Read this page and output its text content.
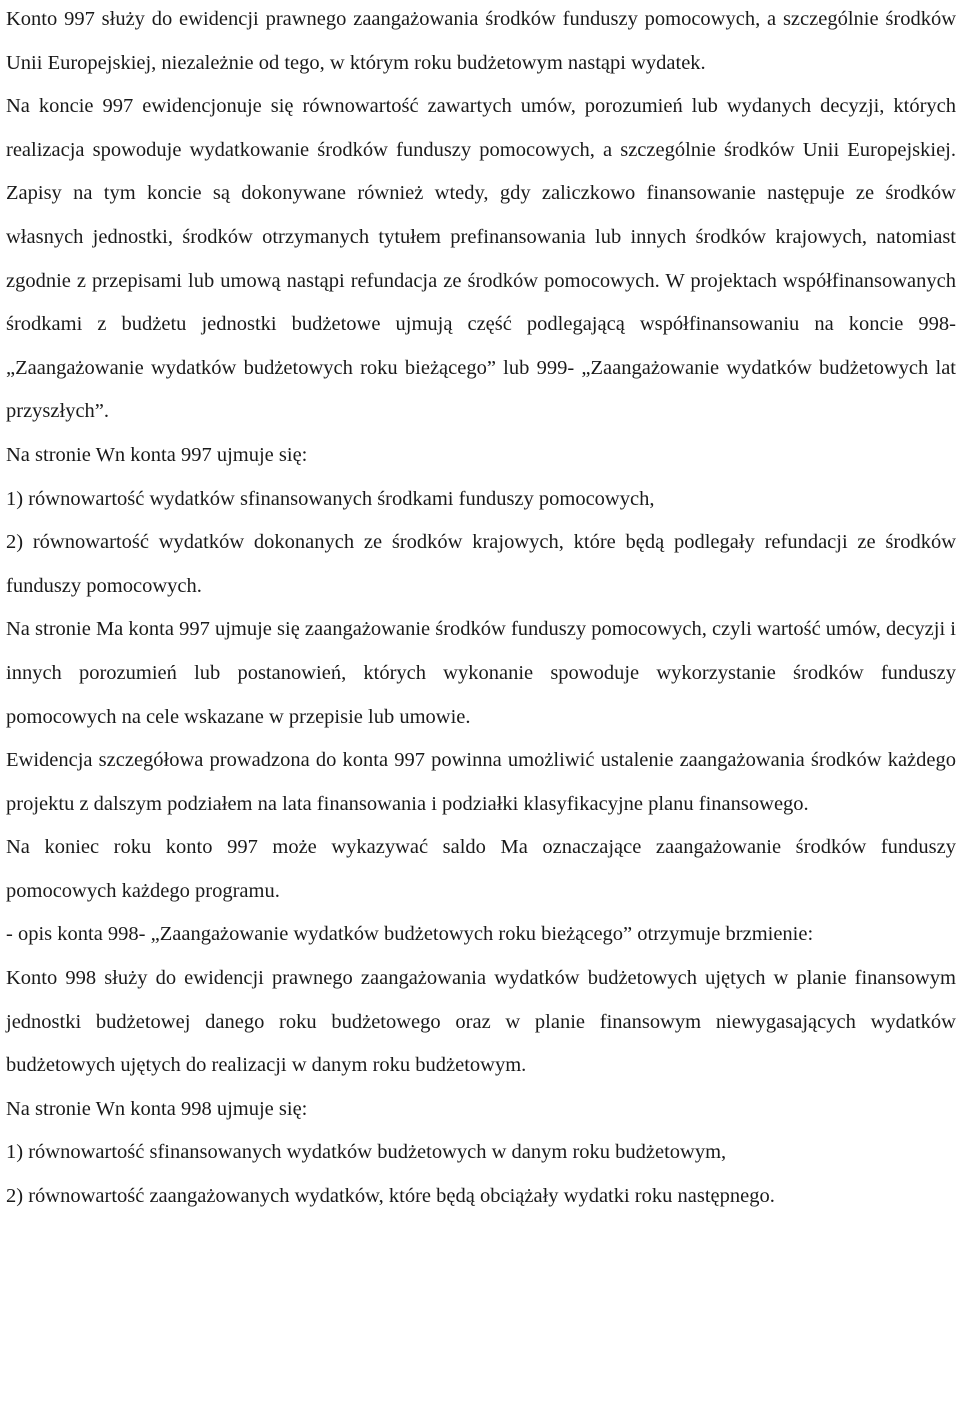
Konto 997 służy do ewidencji prawnego zaangażowania środków funduszy pomocowych, a szczególnie środków Unii Europejskiej, niezależnie od tego, w którym roku budżetowym nastąpi wydatek.

Na koncie 997 ewidencjonuje się równowartość zawartych umów, porozumień lub wydanych decyzji, których realizacja spowoduje wydatkowanie środków funduszy pomocowych, a szczególnie środków Unii Europejskiej. Zapisy na tym koncie są dokonywane również wtedy, gdy zaliczkowo finansowanie następuje ze środków własnych jednostki, środków otrzymanych tytułem prefinansowania lub innych środków krajowych, natomiast zgodnie z przepisami lub umową nastąpi refundacja ze środków pomocowych. W projektach współfinansowanych środkami z budżetu jednostki budżetowe ujmują część podlegającą współfinansowaniu na koncie 998- „Zaangażowanie wydatków budżetowych roku bieżącego” lub 999- „Zaangażowanie wydatków budżetowych lat przyszłych”.

Na stronie Wn konta 997 ujmuje się:

1) równowartość wydatków sfinansowanych środkami funduszy pomocowych,

2) równowartość wydatków dokonanych ze środków krajowych, które będą podlegały refundacji ze środków funduszy pomocowych.

Na stronie Ma konta 997 ujmuje się zaangażowanie środków funduszy pomocowych, czyli wartość umów, decyzji i innych porozumień lub postanowień, których wykonanie spowoduje wykorzystanie środków funduszy pomocowych na cele wskazane w przepisie lub umowie.

Ewidencja szczegółowa prowadzona do konta 997 powinna umożliwić ustalenie zaangażowania środków każdego projektu z dalszym podziałem na lata finansowania i podziałki klasyfikacyjne planu finansowego.

Na koniec roku konto 997 może wykazywać saldo Ma oznaczające zaangażowanie środków funduszy pomocowych każdego programu.

- opis konta 998- „Zaangażowanie wydatków budżetowych roku bieżącego” otrzymuje brzmienie:

Konto 998 służy do ewidencji prawnego zaangażowania wydatków budżetowych ujętych w planie finansowym jednostki budżetowej danego roku budżetowego oraz w planie finansowym niewygasających wydatków budżetowych ujętych do realizacji w danym roku budżetowym.

Na stronie Wn konta 998 ujmuje się:

1) równowartość sfinansowanych wydatków budżetowych w danym roku budżetowym,

2) równowartość zaangażowanych wydatków, które będą obciążały wydatki roku następnego.
